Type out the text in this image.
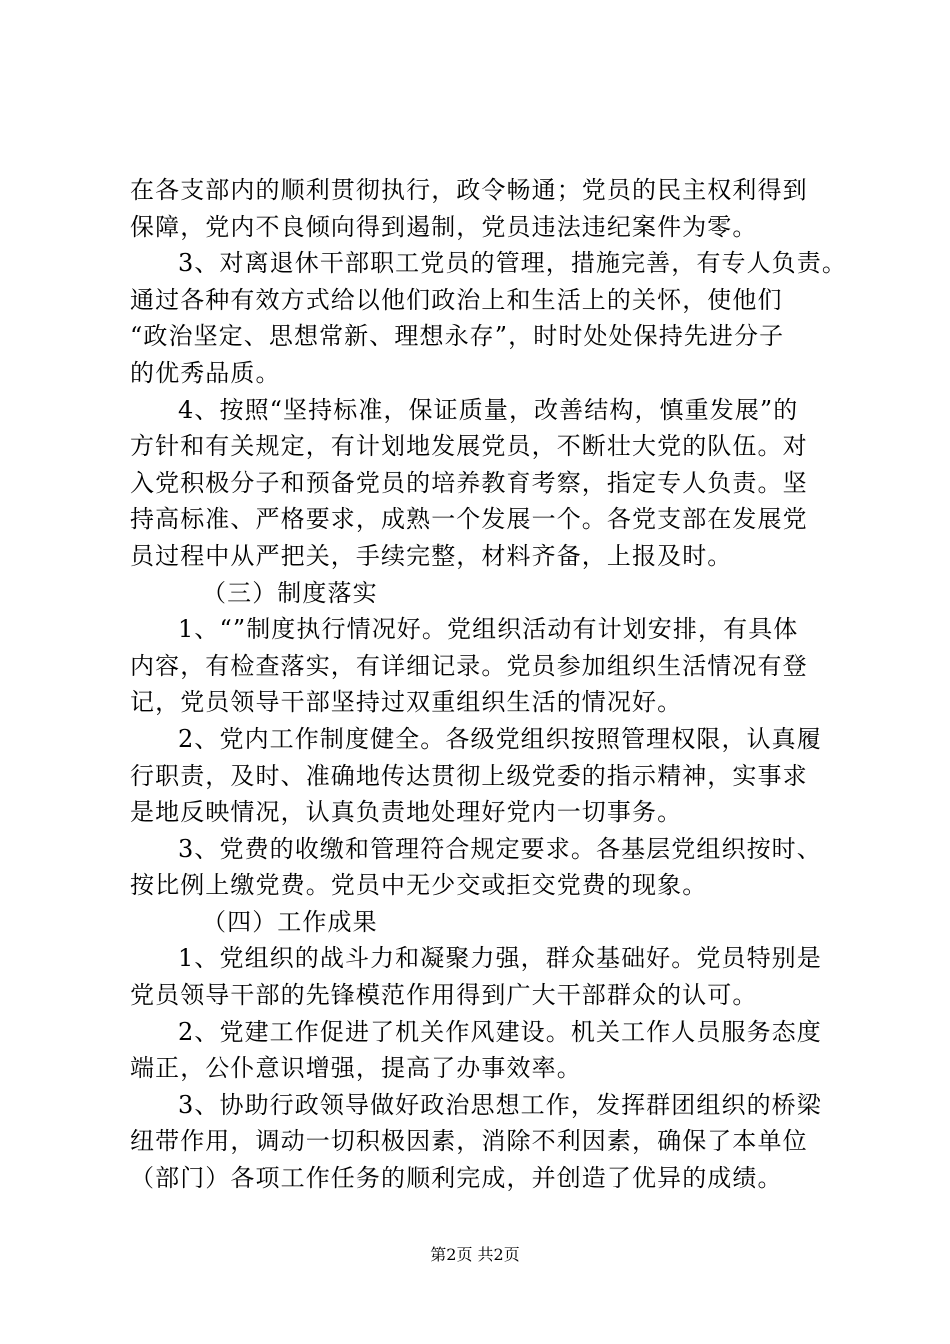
在各支部内的顺利贯彻执行，政令畅通；党员的民主权利得到
保障，党内不良倾向得到遏制，党员违法违纪案件为零。
3、对离退休干部职工党员的管理，措施完善，有专人负责。
通过各种有效方式给以他们政治上和生活上的关怀，使他们
“政治坚定、思想常新、理想永存”，时时处处保持先进分子
的优秀品质。
4、按照“坚持标准，保证质量，改善结构，慎重发展”的
方针和有关规定，有计划地发展党员，不断壮大党的队伍。对
入党积极分子和预备党员的培养教育考察，指定专人负责。坚
持高标准、严格要求，成熟一个发展一个。各党支部在发展党
员过程中从严把关，手续完整，材料齐备，上报及时。
（三）制度落实
1、“”制度执行情况好。党组织活动有计划安排，有具体
内容，有检查落实，有详细记录。党员参加组织生活情况有登
记，党员领导干部坚持过双重组织生活的情况好。
2、党内工作制度健全。各级党组织按照管理权限，认真履
行职责，及时、准确地传达贯彻上级党委的指示精神，实事求
是地反映情况，认真负责地处理好党内一切事务。
3、党费的收缴和管理符合规定要求。各基层党组织按时、
按比例上缴党费。党员中无少交或拒交党费的现象。
（四）工作成果
1、党组织的战斗力和凝聚力强，群众基础好。党员特别是
党员领导干部的先锋模范作用得到广大干部群众的认可。
2、党建工作促进了机关作风建设。机关工作人员服务态度
端正，公仆意识增强，提高了办事效率。
3、协助行政领导做好政治思想工作，发挥群团组织的桥梁
纽带作用，调动一切积极因素，消除不利因素，确保了本单位
（部门）各项工作任务的顺利完成，并创造了优异的成绩。
第2页 共2页
